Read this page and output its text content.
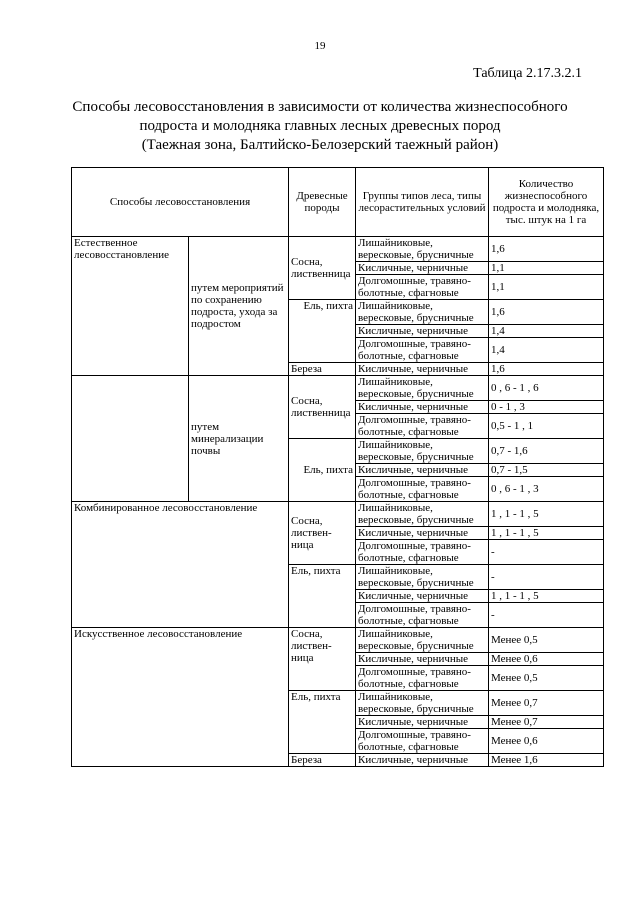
19
Таблица 2.17.3.2.1
Способы лесовосстановления в зависимости от количества жизнеспособного
подроста и молодняка главных лесных древесных пород
(Таежная зона, Балтийско-Белозерский таежный район)
Способы лесовосстановления		Древесные породы	Группы типов леса, типы лесорастительных условий	Количество жизнеспособного подроста и молодняка, тыс. штук на 1 га
Естественное лесовосстановление	путем мероприятий по сохранению подроста, ухода за подростом	Сосна, лиственница	Лишайниковые,
вересковые, брусничные	1,6
			Кисличные, черничные	1,1
			Долгомошные, травяно-
болотные, сфагновые	1,1
		Ель, пихта	Лишайниковые,
вересковые, брусничные	1,6
			Кисличные, черничные	1,4
			Долгомошные, травяно-
болотные, сфагновые	1,4
		Береза	Кисличные, черничные	1,6
	путем минерализации почвы	Сосна, лиственница	Лишайниковые,
вересковые, брусничные	0 , 6 - 1 , 6
			Кисличные, черничные	0 - 1 , 3
			Долгомошные, травяно-
болотные, сфагновые	0,5 - 1 , 1
		Ель, пихта	Лишайниковые,
вересковые, брусничные	0,7 - 1,6
			Кисличные, черничные	0,7 - 1,5
			Долгомошные, травяно-
болотные, сфагновые	0 , 6 - 1 , 3
Комбинированное лесовосстановление		Сосна, листвен-
ница	Лишайниковые,
вересковые, брусничные	1 , 1 - 1 , 5
			Кисличные, черничные	1 , 1 - 1 , 5
			Долгомошные, травяно-
болотные, сфагновые	-
		Ель, пихта	Лишайниковые,
вересковые, брусничные	-
			Кисличные, черничные	1 , 1 - 1 , 5
			Долгомошные, травяно-
болотные, сфагновые	-
Искусственное лесовосстановление		Сосна, листвен-
ница	Лишайниковые,
вересковые, брусничные	Менее 0,5
			Кисличные, черничные	Менее 0,6
			Долгомошные, травяно-
болотные, сфагновые	Менее 0,5
		Ель, пихта	Лишайниковые,
вересковые, брусничные	Менее 0,7
			Кисличные, черничные	Менее 0,7
			Долгомошные, травяно-
болотные, сфагновые	Менее 0,6
		Береза	Кисличные, черничные	Менее 1,6
